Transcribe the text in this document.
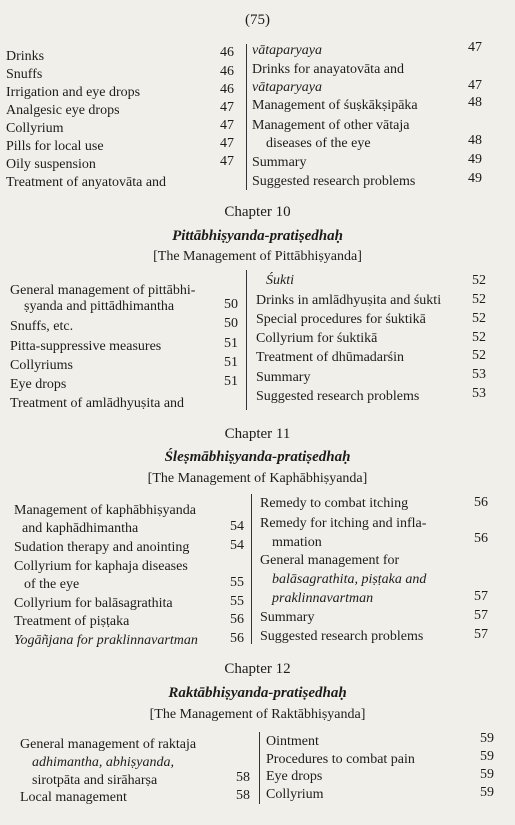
(75)
Drinks	46
Snuffs	46
Irrigation and eye drops	46
Analgesic eye drops	47
Collyrium	47
Pills for local use	47
Oily suspension	47
Treatment of anyatovāta and
vātaparyaya	47
Drinks for anayatovāta and
vātaparyaya	47
Management of śuṣkākṣipāka	48
Management of other vātaja
diseases of the eye	48
Summary	49
Suggested research problems	49
Chapter 10
Pittābhiṣyanda-pratiṣedhaḥ
[The Management of Pittābhiṣyanda]
General management of pittābhi-
ṣyanda and pittādhimantha	50
Snuffs, etc.	50
Pitta-suppressive measures	51
Collyriums	51
Eye drops	51
Treatment of amlādhyuṣita and
Śukti	52
Drinks in amlādhyuṣita and śukti	52
Special procedures for śuktikā	52
Collyrium for śuktikā	52
Treatment of dhūmadarśin	52
Summary	53
Suggested research problems	53
Chapter 11
Śleṣmābhiṣyanda-pratiṣedhaḥ
[The Management of Kaphābhiṣyanda]
Management of kaphābhiṣyanda
and kaphādhimantha	54
Sudation therapy and anointing	54
Collyrium for kaphaja diseases
of the eye	55
Collyrium for balāsagrathita	55
Treatment of piṣṭaka	56
Yogāñjana for praklinnavartman	56
Remedy to combat itching	56
Remedy for itching and infla-
mmation	56
General management for
balāsagrathita, piṣṭaka and
praklinnavartman	57
Summary	57
Suggested research problems	57
Chapter 12
Raktābhiṣyanda-pratiṣedhaḥ
[The Management of Raktābhiṣyanda]
General management of raktaja
adhimantha, abhiṣyanda,
sirotpāta and sirāharṣa	58
Local management	58
Ointment	59
Procedures to combat pain	59
Eye drops	59
Collyrium	59
